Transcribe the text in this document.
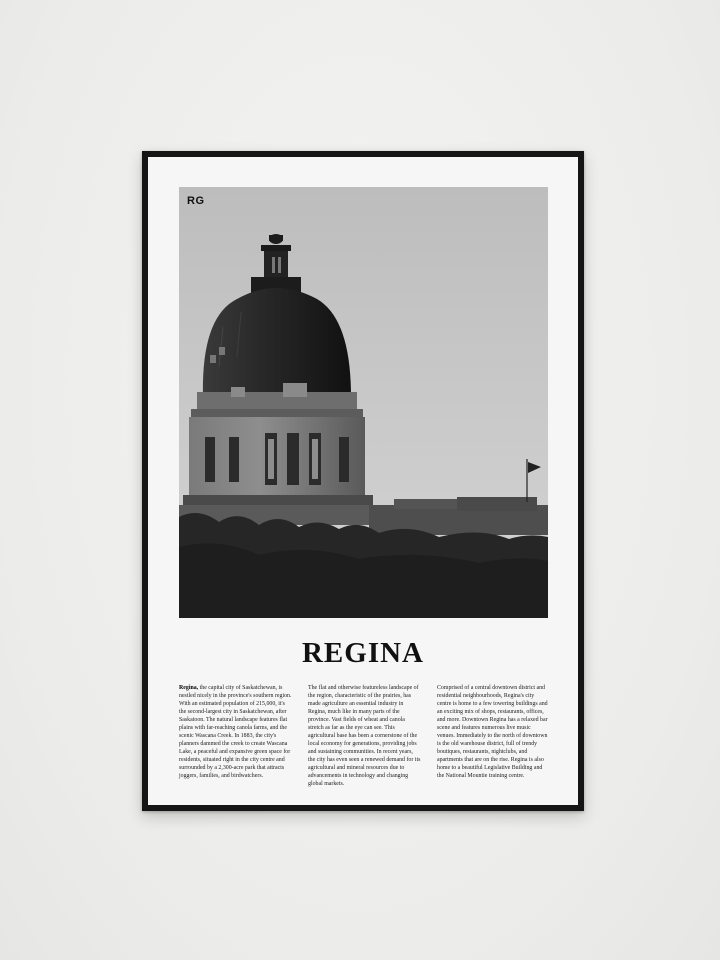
RG
REGINA
Regina, the capital city of Saskatchewan, is nestled nicely in the province's southern region. With an estimated population of 215,000, it's the second-largest city in Saskatchewan, after Saskatoon. The natural landscape features flat plains with far-reaching canola farms, and the scenic Wascana Creek. In 1883, the city's planners dammed the creek to create Wascana Lake, a peaceful and expansive green space for residents, situated right in the city centre and surrounded by a 2,300-acre park that attracts joggers, families, and birdwatchers.
The flat and otherwise featureless landscape of the region, characteristic of the prairies, has made agriculture an essential industry in Regina, much like in many parts of the province. Vast fields of wheat and canola stretch as far as the eye can see. This agricultural base has been a cornerstone of the local economy for generations, providing jobs and sustaining communities. In recent years, the city has even seen a renewed demand for its agricultural and mineral resources due to advancements in technology and changing global markets.
Comprised of a central downtown district and residential neighbourhoods, Regina's city centre is home to a few towering buildings and an exciting mix of shops, restaurants, offices, and more. Downtown Regina has a relaxed bar scene and features numerous live music venues. Immediately to the north of downtown is the old warehouse district, full of trendy boutiques, restaurants, nightclubs, and apartments that are on the rise. Regina is also home to a beautiful Legislative Building and the National Mountie training centre.
